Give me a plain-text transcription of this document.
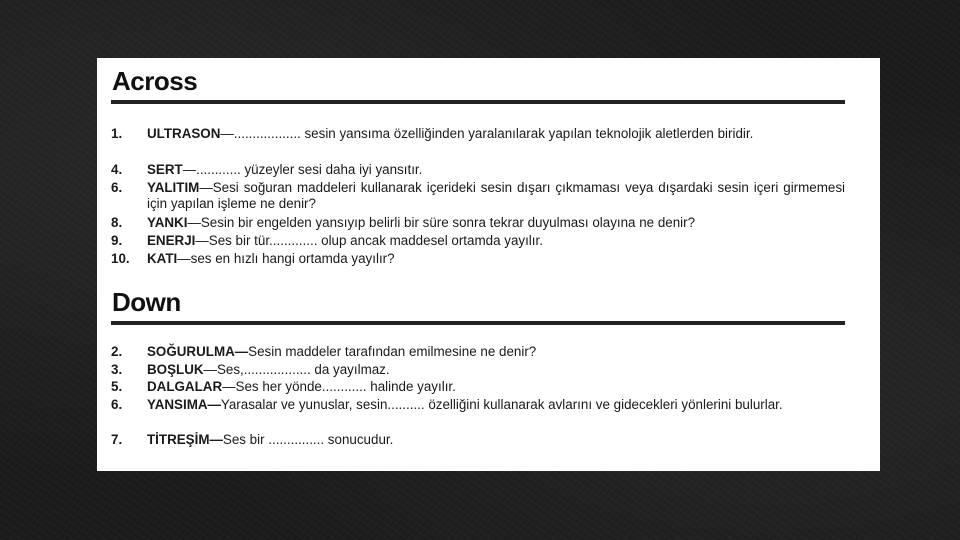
Across
1.	ULTRASON—.................. sesin yansıma özelliğinden yaralanılarak yapılan teknolojik aletlerden biridir.
4.	SERT—............ yüzeyler sesi daha iyi yansıtır.
6.	YALITIM—Sesi soğuran maddeleri kullanarak içerideki sesin dışarı çıkmaması veya dışardaki sesin içeri girmemesi için yapılan işleme ne denir?
8.	YANKI—Sesin bir engelden yansıyıp belirli bir süre sonra tekrar duyulması olayına ne denir?
9.	ENERJI—Ses bir tür............. olup ancak maddesel ortamda yayılır.
10.	KATI—ses en hızlı hangi ortamda yayılır?
Down
2.	SOĞURULMA—Sesin maddeler tarafından emilmesine ne denir?
3.	BOŞLUK—Ses,.................. da yayılmaz.
5.	DALGALAR—Ses her yönde............ halinde yayılır.
6.	YANSIMA—Yarasalar ve yunuslar, sesin.......... özelliğini kullanarak avlarını ve gidecekleri yönlerini bulurlar.
7.	TİTREŞİM—Ses bir ............... sonucudur.
